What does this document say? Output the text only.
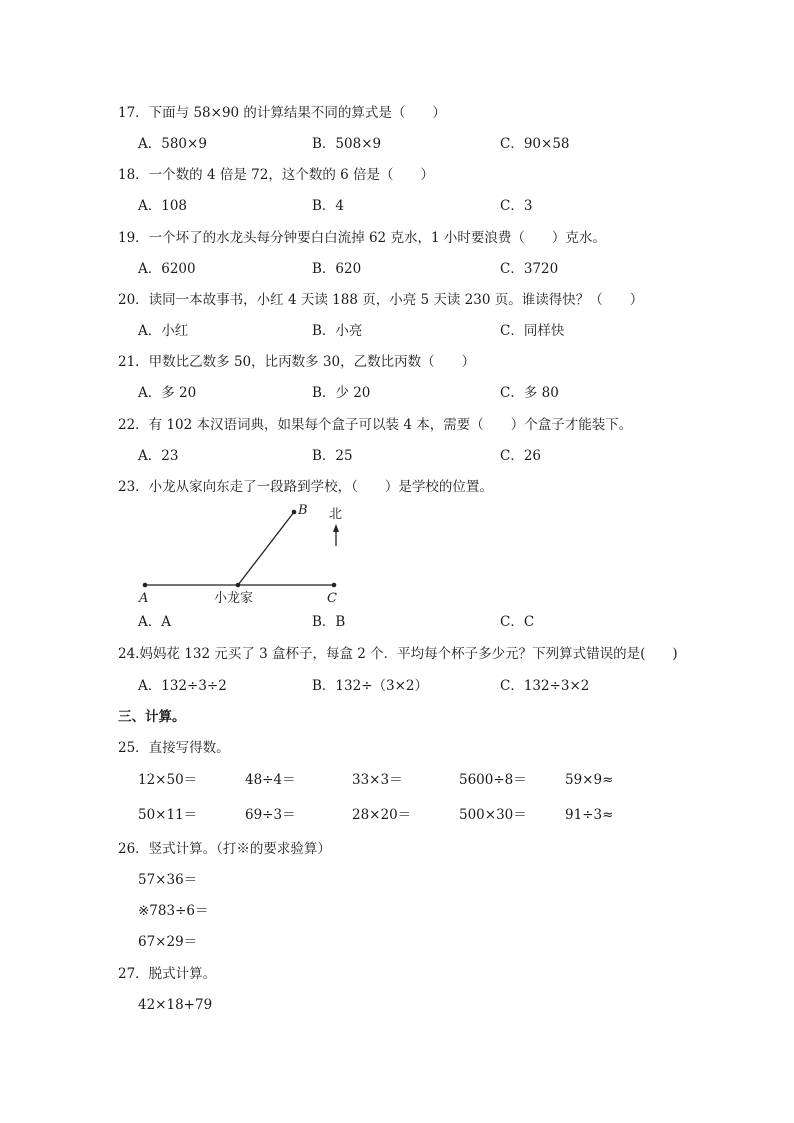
17．下面与 58×90 的计算结果不同的算式是（　　）
A．580×9	B．508×9	C．90×58
18．一个数的 4 倍是 72，这个数的 6 倍是（　　）
A．108	B．4	C．3
19．一个坏了的水龙头每分钟要白白流掉 62 克水，1 小时要浪费（　　）克水。
A．6200	B．620	C．3720
20．读同一本故事书，小红 4 天读 188 页，小亮 5 天读 230 页。谁读得快？（　　）
A．小红	B．小亮	C．同样快
21．甲数比乙数多 50，比丙数多 30，乙数比丙数（　　）
A．多 20	B．少 20	C．多 80
22．有 102 本汉语词典，如果每个盒子可以装 4 本，需要（　　）个盒子才能装下。
A．23	B．25	C．26
23．小龙从家向东走了一段路到学校，（　　）是学校的位置。
北
B
A	小龙家	C
A．A	B．B	C．C
24.妈妈花 132 元买了 3 盒杯子，每盒 2 个．平均每个杯子多少元？下列算式错误的是(　　)
A．132÷3÷2	B．132÷（3×2）	C．132÷3×2
三、计算。
25．直接写得数。
12×50＝	48÷4＝	33×3＝	5600÷8＝	59×9≈
50×11＝	69÷3＝	28×20＝	500×30＝	91÷3≈
26．竖式计算。（打※的要求验算）
57×36＝
※783÷6＝
67×29＝
27．脱式计算。
42×18+79
